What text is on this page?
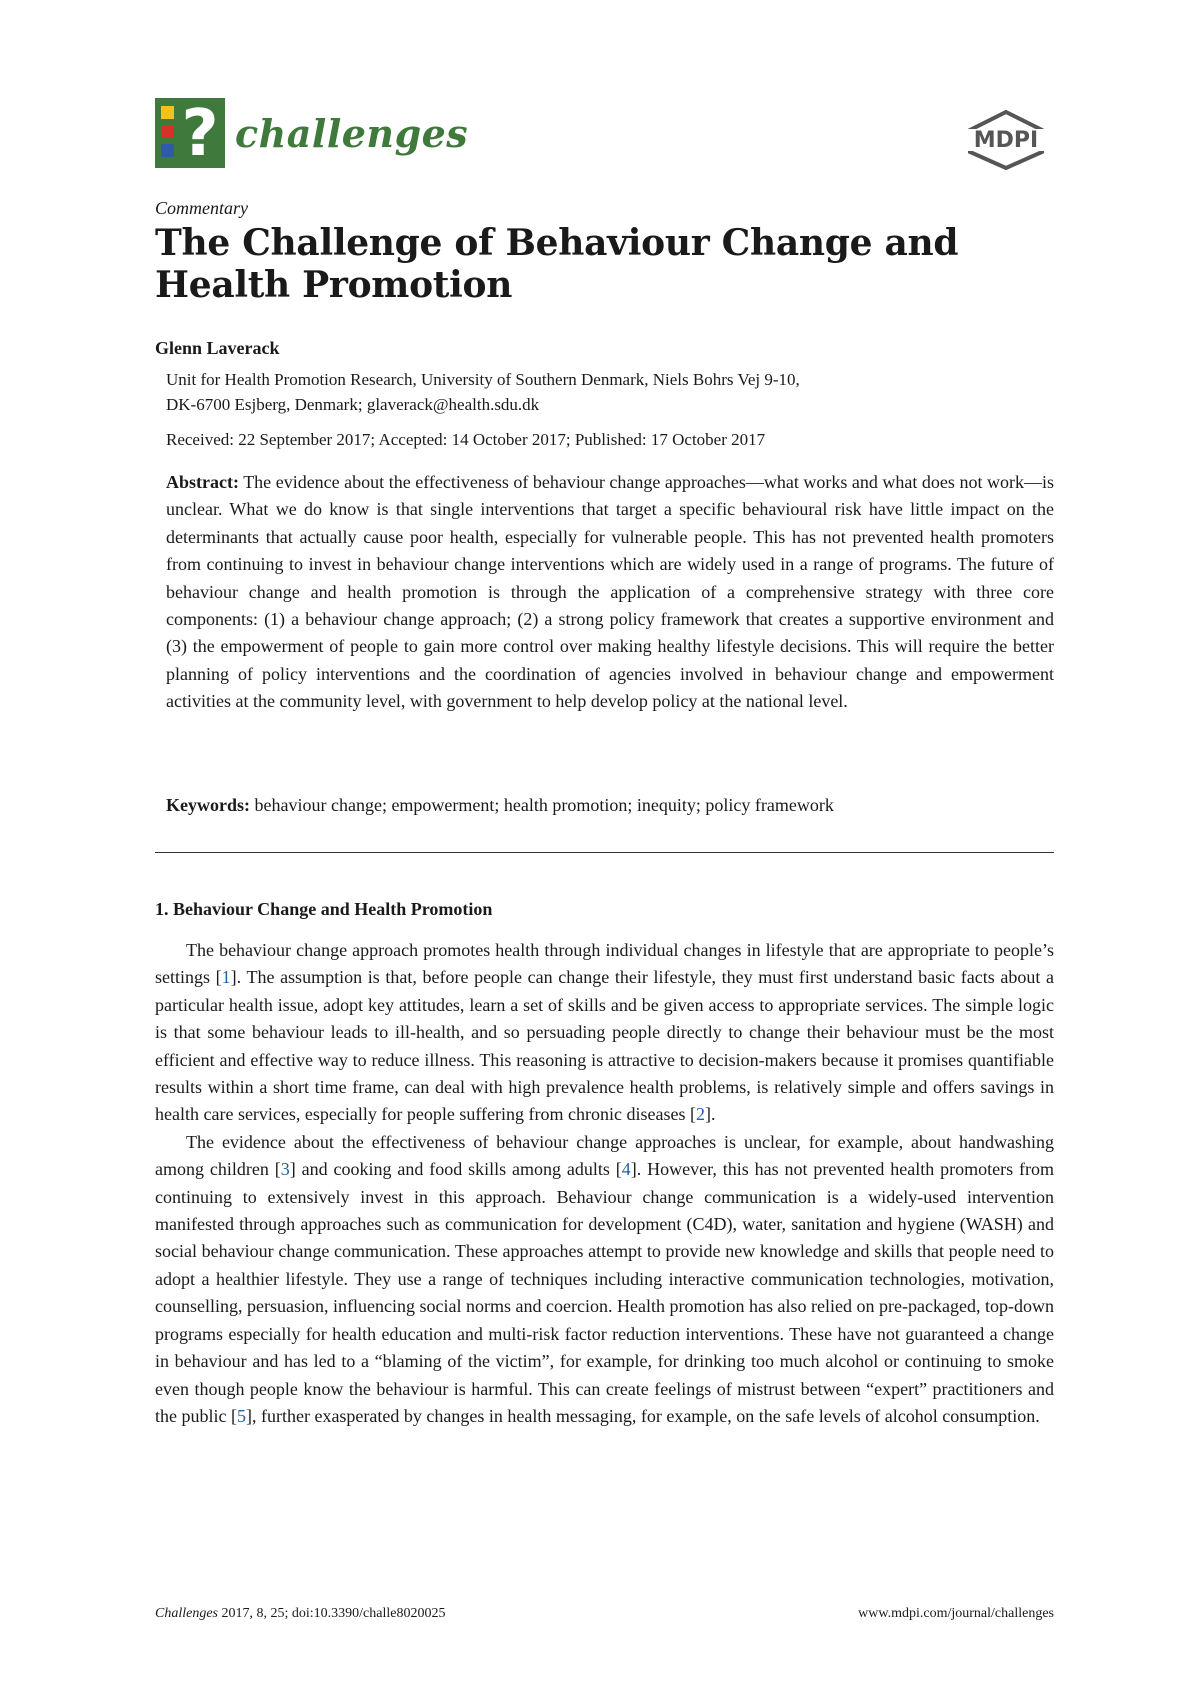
? challenges	MDPI
Commentary
The Challenge of Behaviour Change and Health Promotion
Glenn Laverack
Unit for Health Promotion Research, University of Southern Denmark, Niels Bohrs Vej 9-10,
DK-6700 Esjberg, Denmark; glaverack@health.sdu.dk
Received: 22 September 2017; Accepted: 14 October 2017; Published: 17 October 2017

Abstract: The evidence about the effectiveness of behaviour change approaches—what works and what does not work—is unclear. What we do know is that single interventions that target a specific behavioural risk have little impact on the determinants that actually cause poor health, especially for vulnerable people. This has not prevented health promoters from continuing to invest in behaviour change interventions which are widely used in a range of programs. The future of behaviour change and health promotion is through the application of a comprehensive strategy with three core components: (1) a behaviour change approach; (2) a strong policy framework that creates a supportive environment and (3) the empowerment of people to gain more control over making healthy lifestyle decisions. This will require the better planning of policy interventions and the coordination of agencies involved in behaviour change and empowerment activities at the community level, with government to help develop policy at the national level.

Keywords: behaviour change; empowerment; health promotion; inequity; policy framework
1. Behaviour Change and Health Promotion

The behaviour change approach promotes health through individual changes in lifestyle that are appropriate to people’s settings [1]. The assumption is that, before people can change their lifestyle, they must first understand basic facts about a particular health issue, adopt key attitudes, learn a set of skills and be given access to appropriate services. The simple logic is that some behaviour leads to ill-health, and so persuading people directly to change their behaviour must be the most efficient and effective way to reduce illness. This reasoning is attractive to decision-makers because it promises quantifiable results within a short time frame, can deal with high prevalence health problems, is relatively simple and offers savings in health care services, especially for people suffering from chronic diseases [2].

The evidence about the effectiveness of behaviour change approaches is unclear, for example, about handwashing among children [3] and cooking and food skills among adults [4]. However, this has not prevented health promoters from continuing to extensively invest in this approach. Behaviour change communication is a widely-used intervention manifested through approaches such as communication for development (C4D), water, sanitation and hygiene (WASH) and social behaviour change communication. These approaches attempt to provide new knowledge and skills that people need to adopt a healthier lifestyle. They use a range of techniques including interactive communication technologies, motivation, counselling, persuasion, influencing social norms and coercion. Health promotion has also relied on pre-packaged, top-down programs especially for health education and multi-risk factor reduction interventions. These have not guaranteed a change in behaviour and has led to a “blaming of the victim”, for example, for drinking too much alcohol or continuing to smoke even though people know the behaviour is harmful. This can create feelings of mistrust between “expert” practitioners and the public [5], further exasperated by changes in health messaging, for example, on the safe levels of alcohol consumption.

Challenges 2017, 8, 25; doi:10.3390/challe8020025	www.mdpi.com/journal/challenges
